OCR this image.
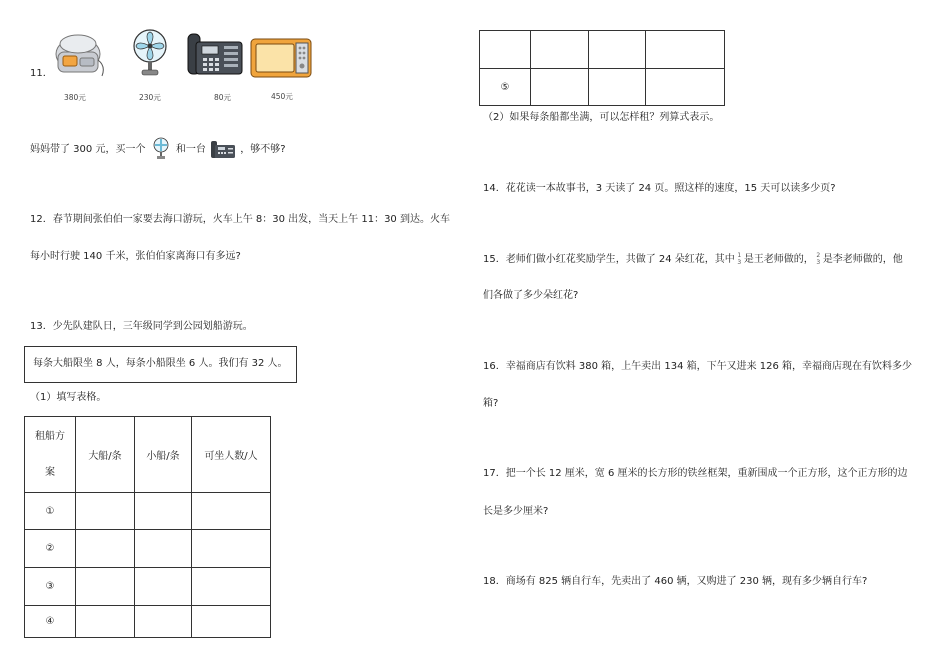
11．
380元	230元	80元	450元
妈妈带了 300 元，买一个	和一台	，够不够?
12．春节期间张伯伯一家要去海口游玩，火车上午 8：30 出发，当天上午 11：30 到达。火车
每小时行驶 140 千米，张伯伯家离海口有多远?
13．少先队建队日，三年级同学到公园划船游玩。
每条大船限坐 8 人，每条小船限坐 6 人。我们有 32 人。
（1）填写表格。
租船方
案	大船/条	小船/条	可坐人数/人
①			
②			
③			
④			

⑤			
（2）如果每条船都坐满，可以怎样租？列算式表示。
14．花花读一本故事书，3 天读了 24 页。照这样的速度，15 天可以读多少页?
15．老师们做小红花奖励学生，共做了 24 朵红花，其中 1
3 是王老师做的， 2
3 是李老师做的，他
们各做了多少朵红花?
16．幸福商店有饮料 380 箱，上午卖出 134 箱，下午又进来 126 箱，幸福商店现在有饮料多少
箱?
17．把一个长 12 厘米，宽 6 厘米的长方形的铁丝框架，重新围成一个正方形，这个正方形的边
长是多少厘米?
18．商场有 825 辆自行车，先卖出了 460 辆，又购进了 230 辆，现有多少辆自行车?
